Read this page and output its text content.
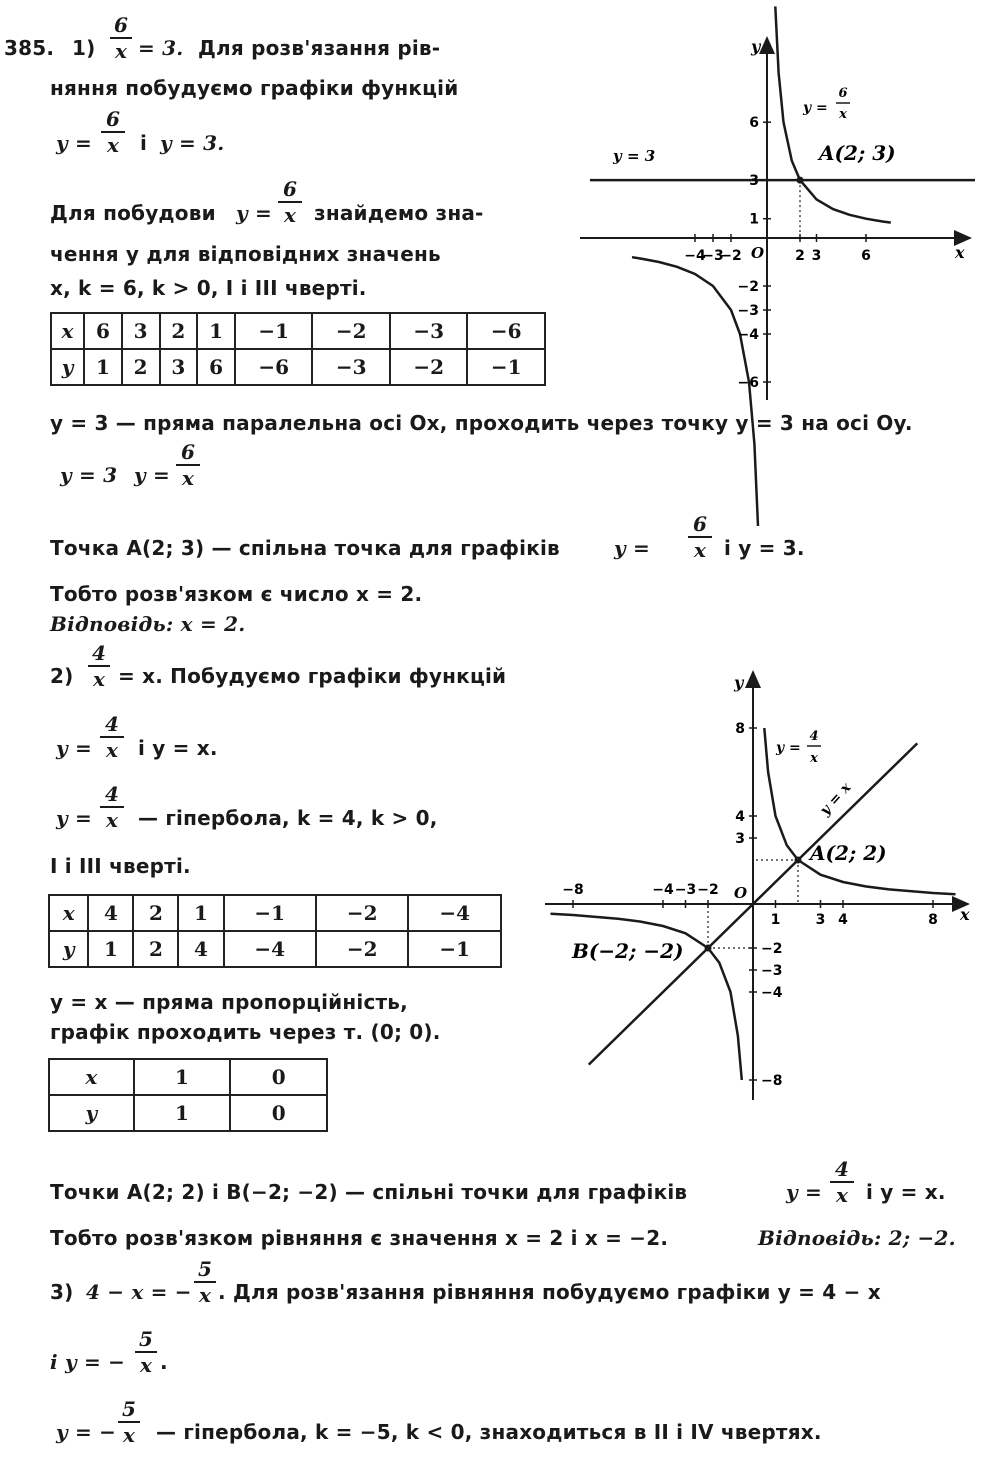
385. 1)
6
x = 3. Для розв'язання рів-
няння побудуємо графіки функцій
y =
6
x	і y = 3.
Для побудови y =
6
x знайдемо зна-
чення y для відповідних значень
x, k = 6, k > 0, I і III чверті.
x	6	3	2	1	−1	−2	−3	−6
y	1	2	3	6	−6	−3	−2	−1
y = 3 — пряма паралельна осі Ox, проходить через точку y = 3 на осі Oy.
y = 3 y =
6
x
Точка A(2; 3) — спільна точка для графіків	y =
6
x і y = 3.
Тобто розв'язком є число x = 2.
Відповідь: x = 2.
−4
−3
−2	2 3	6
6
3
1
−2
−3
−4
−6
x
y
O
y = 3
y =
6
x
A(2; 3)
2)
4
x = x. Побудуємо графіки функцій
y =
4
x	і y = x.
y =
4
x	— гіпербола, k = 4, k > 0,
I і III чверті.
x	4	2	1	−1	−2	−4
y	1	2	4	−4	−2	−1
y = x — пряма пропорційність,
графік проходить через т. (0; 0).
x	1	0
y	1	0
Точки A(2; 2) і B(−2; −2) — спільні точки для графіків	y =
4
x і y = x.
Тобто розв'язком рівняння є значення x = 2 і x = −2.	Відповідь: 2; −2.
−8	−4 −3 −2
1	3 4	8
8
4
3
−2
−3
−4
−8
x
y
O
y =
4
x
y = x
A(2; 2)
B(−2; −2)
3) 4 − x = −
5
x . Для розв'язання рівняння побудуємо графіки y = 4 − x
і y = −
5
x .
y = −
5
x — гіпербола, k = −5, k < 0, знаходиться в II і IV чвертях.
